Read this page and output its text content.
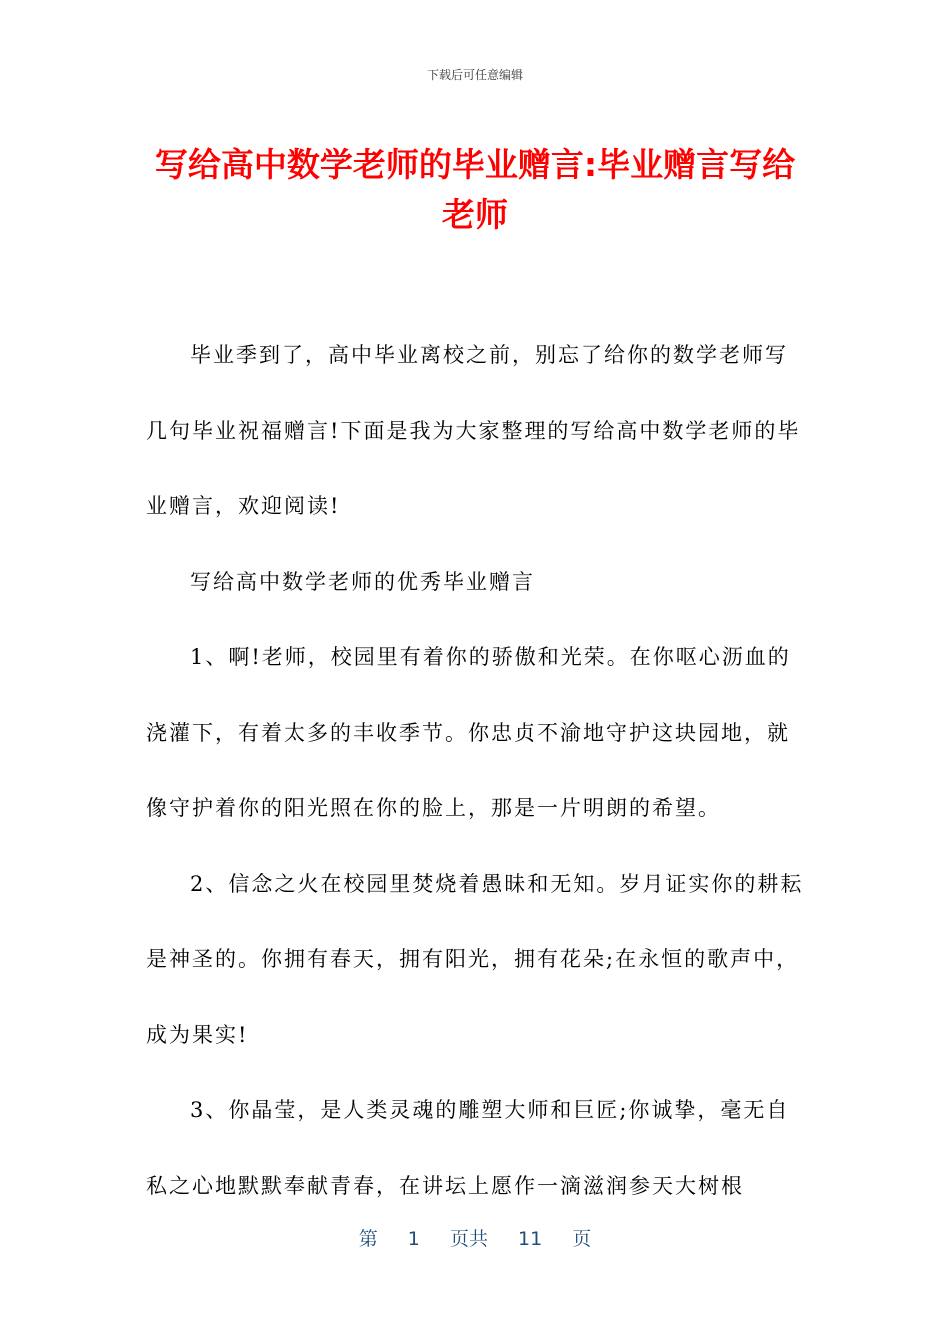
下载后可任意编辑
写给高中数学老师的毕业赠言:毕业赠言写给老师

毕业季到了，高中毕业离校之前，别忘了给你的数学老师写几句毕业祝福赠言!下面是我为大家整理的写给高中数学老师的毕业赠言，欢迎阅读!

写给高中数学老师的优秀毕业赠言

1、啊!老师，校园里有着你的骄傲和光荣。在你呕心沥血的浇灌下，有着太多的丰收季节。你忠贞不渝地守护这块园地，就像守护着你的阳光照在你的脸上，那是一片明朗的希望。

2、信念之火在校园里焚烧着愚昧和无知。岁月证实你的耕耘是神圣的。你拥有春天，拥有阳光，拥有花朵;在永恒的歌声中，成为果实!

3、你晶莹，是人类灵魂的雕塑大师和巨匠;你诚挚，毫无自私之心地默默奉献青春，在讲坛上愿作一滴滋润参天大树根

第 1 页共 11 页
